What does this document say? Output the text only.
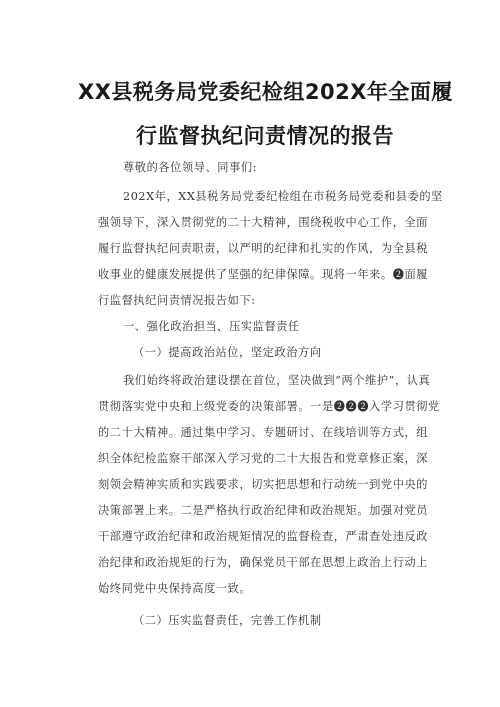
XX县税务局党委纪检组202X年全面履
行监督执纪问责情况的报告
尊敬的各位领导、同事们:
202X年，XX县税务局党委纪检组在市税务局党委和县委的坚
强领导下，深入贯彻党的二十大精神，围绕税收中心工作，全面
履行监督执纪问责职责，以严明的纪律和扎实的作风，为全县税
收事业的健康发展提供了坚强的纪律保障。现将一年来。❷面履
行监督执纪问责情况报告如下:
一、强化政治担当，压实监督责任
（一）提高政治站位，坚定政治方向
我们始终将政治建设摆在首位，坚决做到“两个维护”，认真
贯彻落实党中央和上级党委的决策部署。一是❷❷❷入学习贯彻党
的二十大精神。通过集中学习、专题研讨、在线培训等方式，组
织全体纪检监察干部深入学习党的二十大报告和党章修正案，深
刻领会精神实质和实践要求，切实把思想和行动统一到党中央的
决策部署上来。二是严格执行政治纪律和政治规矩。加强对党员
干部遵守政治纪律和政治规矩情况的监督检查，严肃查处违反政
治纪律和政治规矩的行为，确保党员干部在思想上政治上行动上
始终同党中央保持高度一致。
（二）压实监督责任，完善工作机制
